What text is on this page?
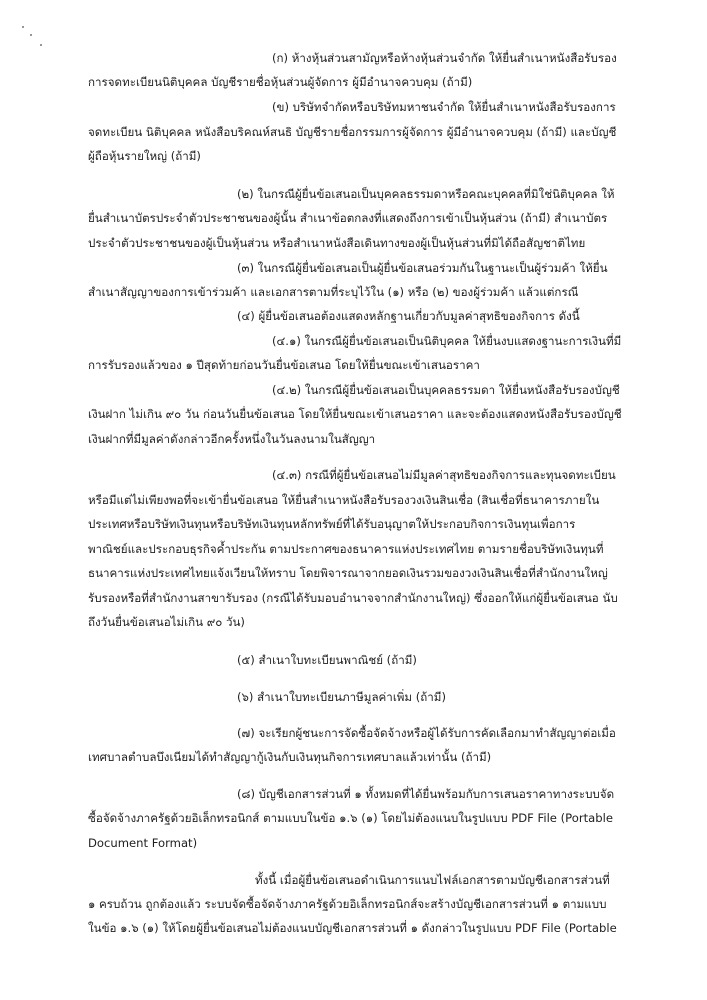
(ก) ห้างหุ้นส่วนสามัญหรือห้างหุ้นส่วนจำกัด ให้ยื่นสำเนาหนังสือรับรอง
การจดทะเบียนนิติบุคคล บัญชีรายชื่อหุ้นส่วนผู้จัดการ ผู้มีอำนาจควบคุม (ถ้ามี)
(ข) บริษัทจำกัดหรือบริษัทมหาชนจำกัด ให้ยื่นสำเนาหนังสือรับรองการ
จดทะเบียน นิติบุคคล หนังสือบริคณห์สนธิ บัญชีรายชื่อกรรมการผู้จัดการ ผู้มีอำนาจควบคุม (ถ้ามี) และบัญชี
ผู้ถือหุ้นรายใหญ่ (ถ้ามี)
(๒) ในกรณีผู้ยื่นข้อเสนอเป็นบุคคลธรรมดาหรือคณะบุคคลที่มิใช่นิติบุคคล ให้
ยื่นสำเนาบัตรประจำตัวประชาชนของผู้นั้น สำเนาข้อตกลงที่แสดงถึงการเข้าเป็นหุ้นส่วน (ถ้ามี) สำเนาบัตร
ประจำตัวประชาชนของผู้เป็นหุ้นส่วน หรือสำเนาหนังสือเดินทางของผู้เป็นหุ้นส่วนที่มิได้ถือสัญชาติไทย
(๓) ในกรณีผู้ยื่นข้อเสนอเป็นผู้ยื่นข้อเสนอร่วมกันในฐานะเป็นผู้ร่วมค้า ให้ยื่น
สำเนาสัญญาของการเข้าร่วมค้า และเอกสารตามที่ระบุไว้ใน (๑) หรือ (๒) ของผู้ร่วมค้า แล้วแต่กรณี
(๔) ผู้ยื่นข้อเสนอต้องแสดงหลักฐานเกี่ยวกับมูลค่าสุทธิของกิจการ ดังนี้
(๔.๑) ในกรณีผู้ยื่นข้อเสนอเป็นนิติบุคคล ให้ยื่นงบแสดงฐานะการเงินที่มี
การรับรองแล้วของ ๑ ปีสุดท้ายก่อนวันยื่นข้อเสนอ โดยให้ยื่นขณะเข้าเสนอราคา
(๔.๒) ในกรณีผู้ยื่นข้อเสนอเป็นบุคคลธรรมดา ให้ยื่นหนังสือรับรองบัญชี
เงินฝาก ไม่เกิน ๙๐ วัน ก่อนวันยื่นข้อเสนอ โดยให้ยื่นขณะเข้าเสนอราคา และจะต้องแสดงหนังสือรับรองบัญชี
เงินฝากที่มีมูลค่าดังกล่าวอีกครั้งหนึ่งในวันลงนามในสัญญา
(๔.๓) กรณีที่ผู้ยื่นข้อเสนอไม่มีมูลค่าสุทธิของกิจการและทุนจดทะเบียน
หรือมีแต่ไม่เพียงพอที่จะเข้ายื่นข้อเสนอ ให้ยื่นสำเนาหนังสือรับรองวงเงินสินเชื่อ (สินเชื่อที่ธนาคารภายใน
ประเทศหรือบริษัทเงินทุนหรือบริษัทเงินทุนหลักทรัพย์ที่ได้รับอนุญาตให้ประกอบกิจการเงินทุนเพื่อการ
พาณิชย์และประกอบธุรกิจค้ำประกัน ตามประกาศของธนาคารแห่งประเทศไทย ตามรายชื่อบริษัทเงินทุนที่
ธนาคารแห่งประเทศไทยแจ้งเวียนให้ทราบ โดยพิจารณาจากยอดเงินรวมของวงเงินสินเชื่อที่สำนักงานใหญ่
รับรองหรือที่สำนักงานสาขารับรอง (กรณีได้รับมอบอำนาจจากสำนักงานใหญ่) ซึ่งออกให้แก่ผู้ยื่นข้อเสนอ นับ
ถึงวันยื่นข้อเสนอไม่เกิน ๙๐ วัน)
(๕) สำเนาใบทะเบียนพาณิชย์ (ถ้ามี)
(๖) สำเนาใบทะเบียนภาษีมูลค่าเพิ่ม (ถ้ามี)
(๗) จะเรียกผู้ชนะการจัดซื้อจัดจ้างหรือผู้ได้รับการคัดเลือกมาทำสัญญาต่อเมื่อ
เทศบาลตำบลบึงเนียมได้ทำสัญญากู้เงินกับเงินทุนกิจการเทศบาลแล้วเท่านั้น (ถ้ามี)
(๘) บัญชีเอกสารส่วนที่ ๑ ทั้งหมดที่ได้ยื่นพร้อมกับการเสนอราคาทางระบบจัด
ซื้อจัดจ้างภาครัฐด้วยอิเล็กทรอนิกส์ ตามแบบในข้อ ๑.๖ (๑) โดยไม่ต้องแนบในรูปแบบ PDF File (Portable
Document Format)
ทั้งนี้ เมื่อผู้ยื่นข้อเสนอดำเนินการแนบไฟล์เอกสารตามบัญชีเอกสารส่วนที่
๑ ครบถ้วน ถูกต้องแล้ว ระบบจัดซื้อจัดจ้างภาครัฐด้วยอิเล็กทรอนิกส์จะสร้างบัญชีเอกสารส่วนที่ ๑ ตามแบบ
ในข้อ ๑.๖ (๑) ให้โดยผู้ยื่นข้อเสนอไม่ต้องแนบบัญชีเอกสารส่วนที่ ๑ ดังกล่าวในรูปแบบ PDF File (Portable
